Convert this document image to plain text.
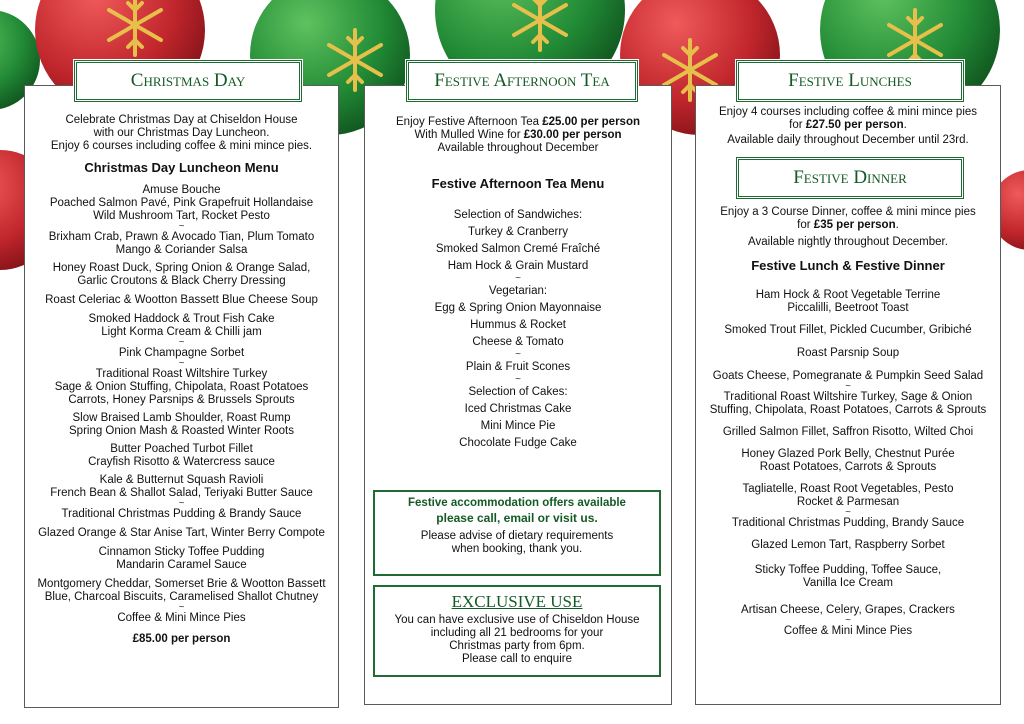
Celebrate Christmas Day at Chiseldon House
with our Christmas Day Luncheon.
Enjoy 6 courses including coffee & mini mince pies.
Christmas Day Luncheon Menu
Amuse Bouche
Poached Salmon Pavé, Pink Grapefruit Hollandaise
Wild Mushroom Tart, Rocket Pesto
~
Brixham Crab, Prawn & Avocado Tian, Plum Tomato
Mango & Coriander Salsa
Honey Roast Duck, Spring Onion & Orange Salad,
Garlic Croutons & Black Cherry Dressing
Roast Celeriac & Wootton Bassett Blue Cheese Soup
Smoked Haddock & Trout Fish Cake
Light Korma Cream & Chilli jam
~
Pink Champagne Sorbet
~
Traditional Roast Wiltshire Turkey
Sage & Onion Stuffing, Chipolata, Roast Potatoes
Carrots, Honey Parsnips & Brussels Sprouts
Slow Braised Lamb Shoulder, Roast Rump
Spring Onion Mash & Roasted Winter Roots
Butter Poached Turbot Fillet
Crayfish Risotto & Watercress sauce
Kale & Butternut Squash Ravioli
French Bean & Shallot Salad, Teriyaki Butter Sauce
~
Traditional Christmas Pudding & Brandy Sauce
Glazed Orange & Star Anise Tart, Winter Berry Compote
Cinnamon Sticky Toffee Pudding
Mandarin Caramel Sauce
Montgomery Cheddar, Somerset Brie & Wootton Bassett
Blue, Charcoal Biscuits, Caramelised Shallot Chutney
~
Coffee & Mini Mince Pies
£85.00 per person
Christmas Day
Enjoy Festive Afternoon Tea £25.00 per person
With Mulled Wine for £30.00 per person
Available throughout December
Festive Afternoon Tea Menu
Selection of Sandwiches:
Turkey & Cranberry
Smoked Salmon Cremé Fraîché
Ham Hock & Grain Mustard
~
Vegetarian:
Egg & Spring Onion Mayonnaise
Hummus & Rocket
Cheese & Tomato
~
Plain & Fruit Scones
~
Selection of Cakes:
Iced Christmas Cake
Mini Mince Pie
Chocolate Fudge Cake
Festive accommodation offers available
please call, email or visit us.
Please advise of dietary requirements
when booking, thank you.
EXCLUSIVE USE
You can have exclusive use of Chiseldon House
including all 21 bedrooms for your
Christmas party from 6pm.
Please call to enquire
Festive Afternoon Tea
Enjoy 4 courses including coffee & mini mince pies
for £27.50 per person.
Available daily throughout December until 23rd.
Enjoy a 3 Course Dinner, coffee & mini mince pies
for £35 per person.
Available nightly throughout December.
Festive Lunch & Festive Dinner
Ham Hock & Root Vegetable Terrine
Piccalilli, Beetroot Toast
Smoked Trout Fillet, Pickled Cucumber, Gribiché
Roast Parsnip Soup
Goats Cheese, Pomegranate & Pumpkin Seed Salad
~
Traditional Roast Wiltshire Turkey, Sage & Onion
Stuffing, Chipolata, Roast Potatoes, Carrots & Sprouts
Grilled Salmon Fillet, Saffron Risotto, Wilted Choi
Honey Glazed Pork Belly, Chestnut Purée
Roast Potatoes, Carrots & Sprouts
Tagliatelle, Roast Root Vegetables, Pesto
Rocket & Parmesan
~
Traditional Christmas Pudding, Brandy Sauce
Glazed Lemon Tart, Raspberry Sorbet
Sticky Toffee Pudding, Toffee Sauce,
Vanilla Ice Cream
Artisan Cheese, Celery, Grapes, Crackers
~
Coffee & Mini Mince Pies
Festive Lunches
Festive Dinner
